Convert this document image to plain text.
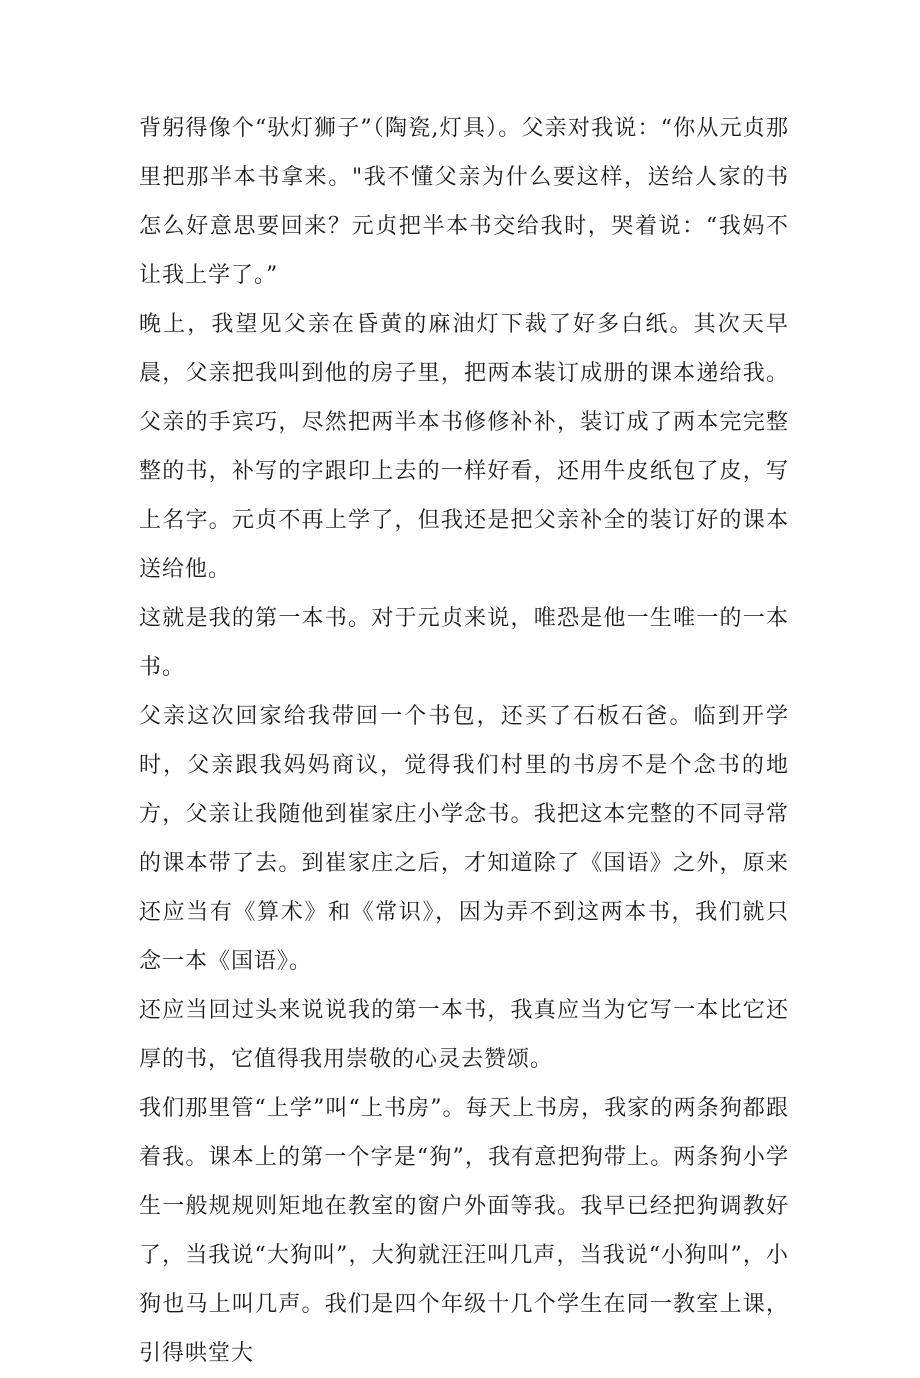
背躬得像个“驮灯狮子”（陶瓷,灯具）。父亲对我说：“你从元贞那里把那半本书拿来。"我不懂父亲为什么要这样，送给人家的书怎么好意思要回来？元贞把半本书交给我时，哭着说：“我妈不让我上学了。”

晚上，我望见父亲在昏黄的麻油灯下裁了好多白纸。其次天早晨，父亲把我叫到他的房子里，把两本装订成册的课本递给我。父亲的手宾巧，尽然把两半本书修修补补，装订成了两本完完整整的书，补写的字跟印上去的一样好看，还用牛皮纸包了皮，写上名字。元贞不再上学了，但我还是把父亲补全的装订好的课本送给他。

这就是我的第一本书。对于元贞来说，唯恐是他一生唯一的一本书。

父亲这次回家给我带回一个书包，还买了石板石爸。临到开学时，父亲跟我妈妈商议，觉得我们村里的书房不是个念书的地方，父亲让我随他到崔家庄小学念书。我把这本完整的不同寻常的课本带了去。到崔家庄之后，才知道除了《国语》之外，原来还应当有《算术》和《常识》，因为弄不到这两本书，我们就只念一本《国语》。

还应当回过头来说说我的第一本书，我真应当为它写一本比它还厚的书，它值得我用崇敬的心灵去赞颂。

我们那里管“上学”叫“上书房”。每天上书房，我家的两条狗都跟着我。课本上的第一个字是“狗”，我有意把狗带上。两条狗小学生一般规规则矩地在教室的窗户外面等我。我早已经把狗调教好了，当我说“大狗叫”，大狗就汪汪叫几声，当我说“小狗叫”，小狗也马上叫几声。我们是四个年级十几个学生在同一教室上课，引得哄堂大
